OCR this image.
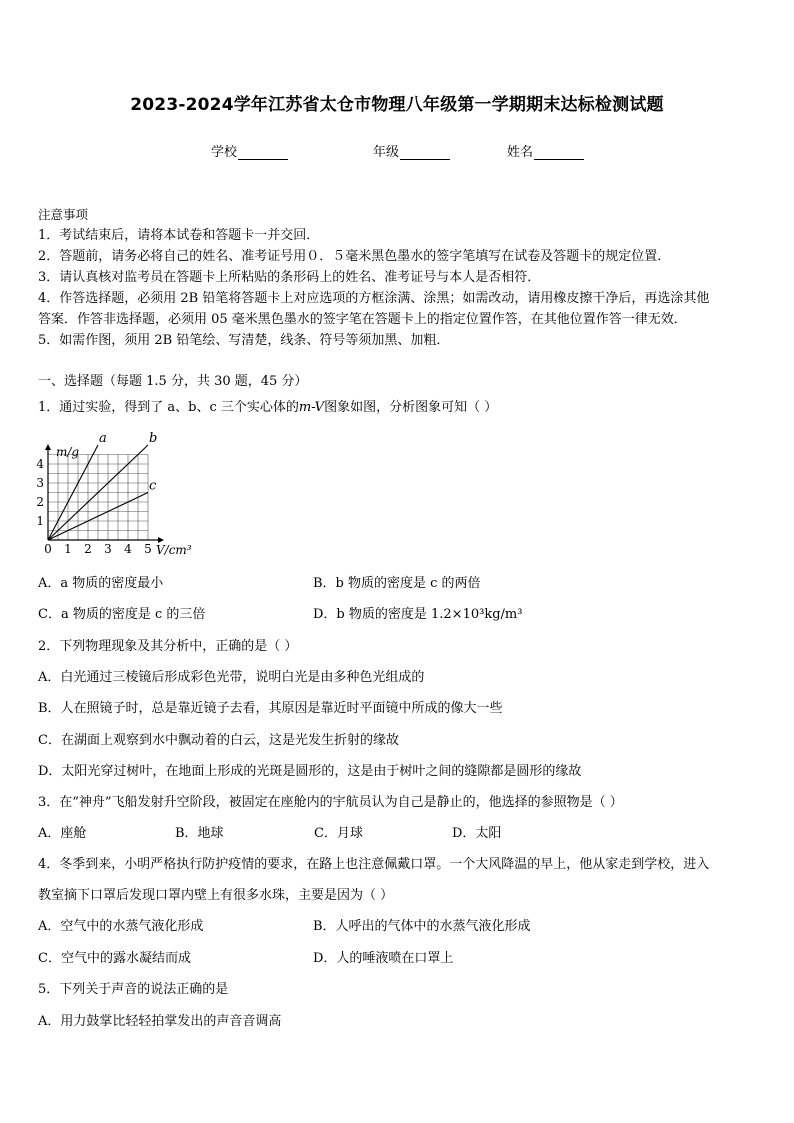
2023-2024学年江苏省太仓市物理八年级第一学期期末达标检测试题
学校	年级	姓名
注意事项
1．考试结束后，请将本试卷和答题卡一并交回．
2．答题前，请务必将自己的姓名、准考证号用０．５毫米黑色墨水的签字笔填写在试卷及答题卡的规定位置．
3．请认真核对监考员在答题卡上所粘贴的条形码上的姓名、准考证号与本人是否相符．
4．作答选择题，必须用 2B 铅笔将答题卡上对应选项的方框涂满、涂黑；如需改动，请用橡皮擦干净后，再选涂其他
答案．作答非选择题，必须用 05 毫米黑色墨水的签字笔在答题卡上的指定位置作答，在其他位置作答一律无效．
5．如需作图，须用 2B 铅笔绘、写清楚，线条、符号等须加黑、加粗．
一、选择题（每题 1.5 分，共 30 题，45 分）
1．通过实验，得到了 a、b、c 三个实心体的m-V图象如图，分析图象可知（ ）
0 1 2 3 4 5
1
2
3
4
m/g
V/cm³
a	b
c
A．a 物质的密度最小	B．b 物质的密度是 c 的两倍
C．a 物质的密度是 c 的三倍	D．b 物质的密度是 1.2×10³kg/m³
2．下列物理现象及其分析中，正确的是（ ）
A．白光通过三棱镜后形成彩色光带，说明白光是由多种色光组成的
B．人在照镜子时，总是靠近镜子去看，其原因是靠近时平面镜中所成的像大一些
C．在湖面上观察到水中飘动着的白云，这是光发生折射的缘故
D．太阳光穿过树叶，在地面上形成的光斑是圆形的，这是由于树叶之间的缝隙都是圆形的缘故
3．在“神舟”飞船发射升空阶段，被固定在座舱内的宇航员认为自己是静止的，他选择的参照物是（ ）
A．座舱	B．地球	C．月球	D．太阳
4．冬季到来，小明严格执行防护疫情的要求，在路上也注意佩戴口罩。一个大风降温的早上，他从家走到学校，进入
教室摘下口罩后发现口罩内壁上有很多水珠，主要是因为（ ）
A．空气中的水蒸气液化形成	B．人呼出的气体中的水蒸气液化形成
C．空气中的露水凝结而成	D．人的唾液喷在口罩上
5．下列关于声音的说法正确的是
A．用力鼓掌比轻轻拍掌发出的声音音调高
